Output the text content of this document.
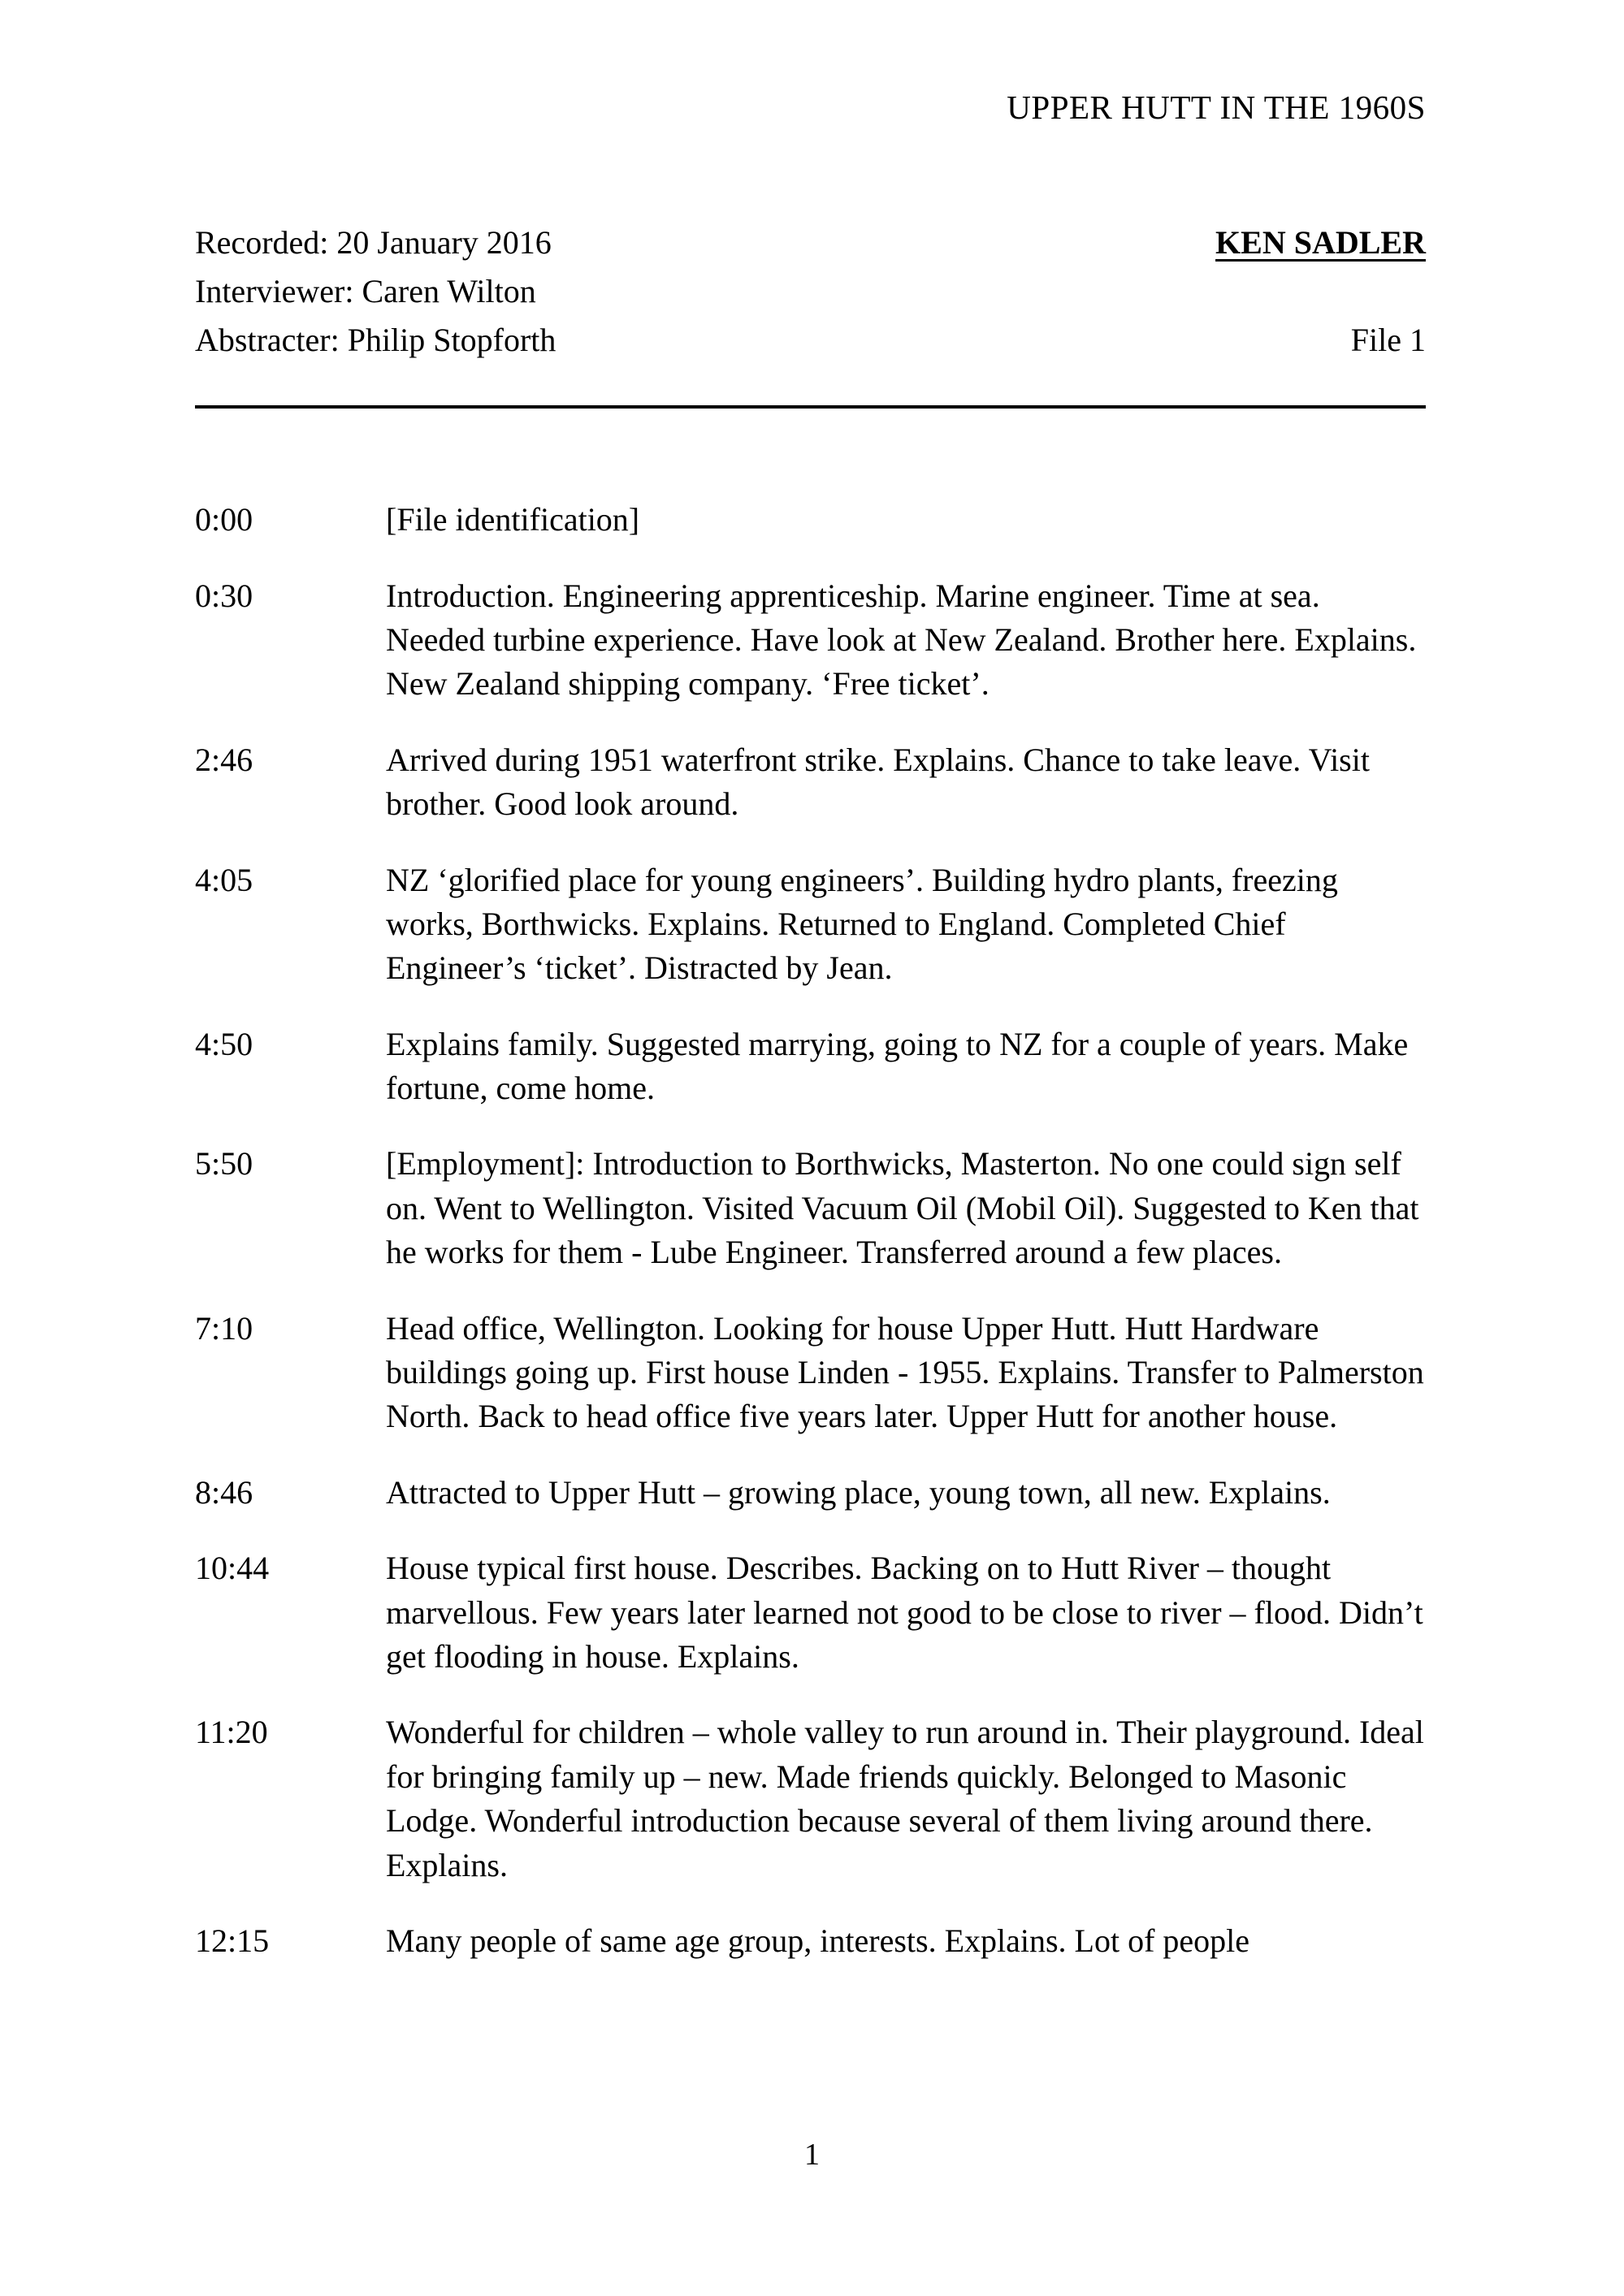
UPPER HUTT IN THE 1960S
Recorded: 20 January 2016	KEN SADLER
Interviewer: Caren Wilton
Abstracter: Philip Stopforth	File 1
0:00	[File identification]
0:30	Introduction. Engineering apprenticeship. Marine engineer. Time at sea. Needed turbine experience. Have look at New Zealand. Brother here. Explains. New Zealand shipping company. ‘Free ticket’.
2:46	Arrived during 1951 waterfront strike. Explains. Chance to take leave. Visit brother. Good look around.
4:05	NZ ‘glorified place for young engineers’. Building hydro plants, freezing works, Borthwicks. Explains. Returned to England. Completed Chief Engineer’s ‘ticket’. Distracted by Jean.
4:50	Explains family. Suggested marrying, going to NZ for a couple of years. Make fortune, come home.
5:50	[Employment]: Introduction to Borthwicks, Masterton. No one could sign self on. Went to Wellington. Visited Vacuum Oil (Mobil Oil). Suggested to Ken that he works for them - Lube Engineer. Transferred around a few places.
7:10	Head office, Wellington. Looking for house Upper Hutt. Hutt Hardware buildings going up. First house Linden - 1955. Explains. Transfer to Palmerston North. Back to head office five years later. Upper Hutt for another house.
8:46	Attracted to Upper Hutt – growing place, young town, all new. Explains.
10:44	House typical first house. Describes. Backing on to Hutt River – thought marvellous. Few years later learned not good to be close to river – flood. Didn’t get flooding in house. Explains.
11:20	Wonderful for children – whole valley to run around in. Their playground. Ideal for bringing family up – new. Made friends quickly. Belonged to Masonic Lodge. Wonderful introduction because several of them living around there. Explains.
12:15	Many people of same age group, interests. Explains. Lot of people
1
